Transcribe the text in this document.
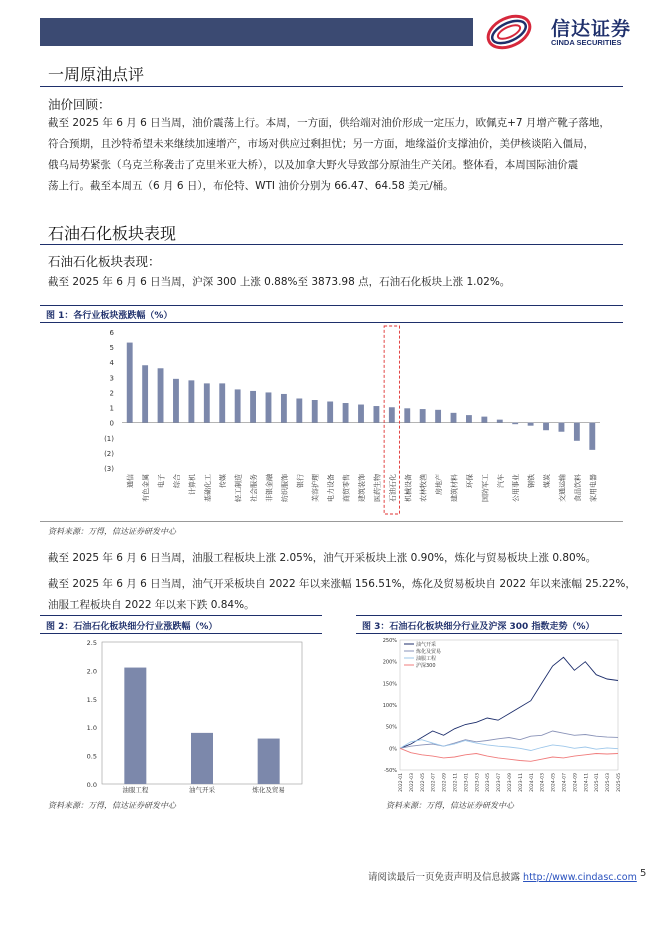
信达证券
CINDA SECURITIES
一周原油点评
油价回顾：

截至 2025 年 6 月 6 日当周，油价震荡上行。本周，一方面，供给端对油价形成一定压力，欧佩克+7 月增产靴子落地，

符合预期，且沙特希望未来继续加速增产，市场对供应过剩担忧；另一方面，地缘溢价支撑油价，美伊核谈陷入僵局，

俄乌局势紧张（乌克兰称袭击了克里米亚大桥），以及加拿大野火导致部分原油生产关闭。整体看，本周国际油价震

荡上行。截至本周五（6 月 6 日），布伦特、WTI 油价分别为 66.47、64.58 美元/桶。

石油石化板块表现
石油石化板块表现：

截至 2025 年 6 月 6 日当周，沪深 300 上涨 0.88%至 3873.98 点，石油石化板块上涨 1.02%。

图 1：各行业板块涨跌幅（%）
6
5
4
3
2
1
0
(1)
(2)
(3)
通信 有色金属 电子 综合 计算机 基础化工 传媒 轻工制造 社会服务 非银金融 纺织服饰 银行 美容护理 电力设备 商贸零售 建筑装饰 医药生物 石油石化 机械设备 农林牧渔 房地产 建筑材料 环保 国防军工 汽车 公用事业 钢铁 煤炭 交通运输 食品饮料 家用电器
资料来源：万得，信达证券研发中心

截至 2025 年 6 月 6 日当周，油服工程板块上涨 2.05%，油气开采板块上涨 0.90%，炼化与贸易板块上涨 0.80%。

截至 2025 年 6 月 6 日当周，油气开采板块自 2022 年以来涨幅 156.51%，炼化及贸易板块自 2022 年以来涨幅 25.22%，

油服工程板块自 2022 年以来下跌 0.84%。

图 2：石油石化板块细分行业涨跌幅（%）
2.5
2.0
1.5
1.0
0.5
0.0
油服工程	油气开采	炼化及贸易
资料来源：万得，信达证券研发中心
图 3：石油石化板块细分行业及沪深 300 指数走势（%）
250%
200%
150%
100%
50%
0%
-50%
2022-01 2022-03 2022-05 2022-07 2022-09 2022-11 2023-01 2023-03 2023-05 2023-07 2023-09 2023-11 2024-01 2024-03 2024-05 2024-07 2024-09 2024-11 2025-01 2025-03 2025-05
油气开采
炼化及贸易
油服工程
沪深300
资料来源：万得，信达证券研发中心
请阅读最后一页免责声明及信息披露 http://www.cindasc.com 5
